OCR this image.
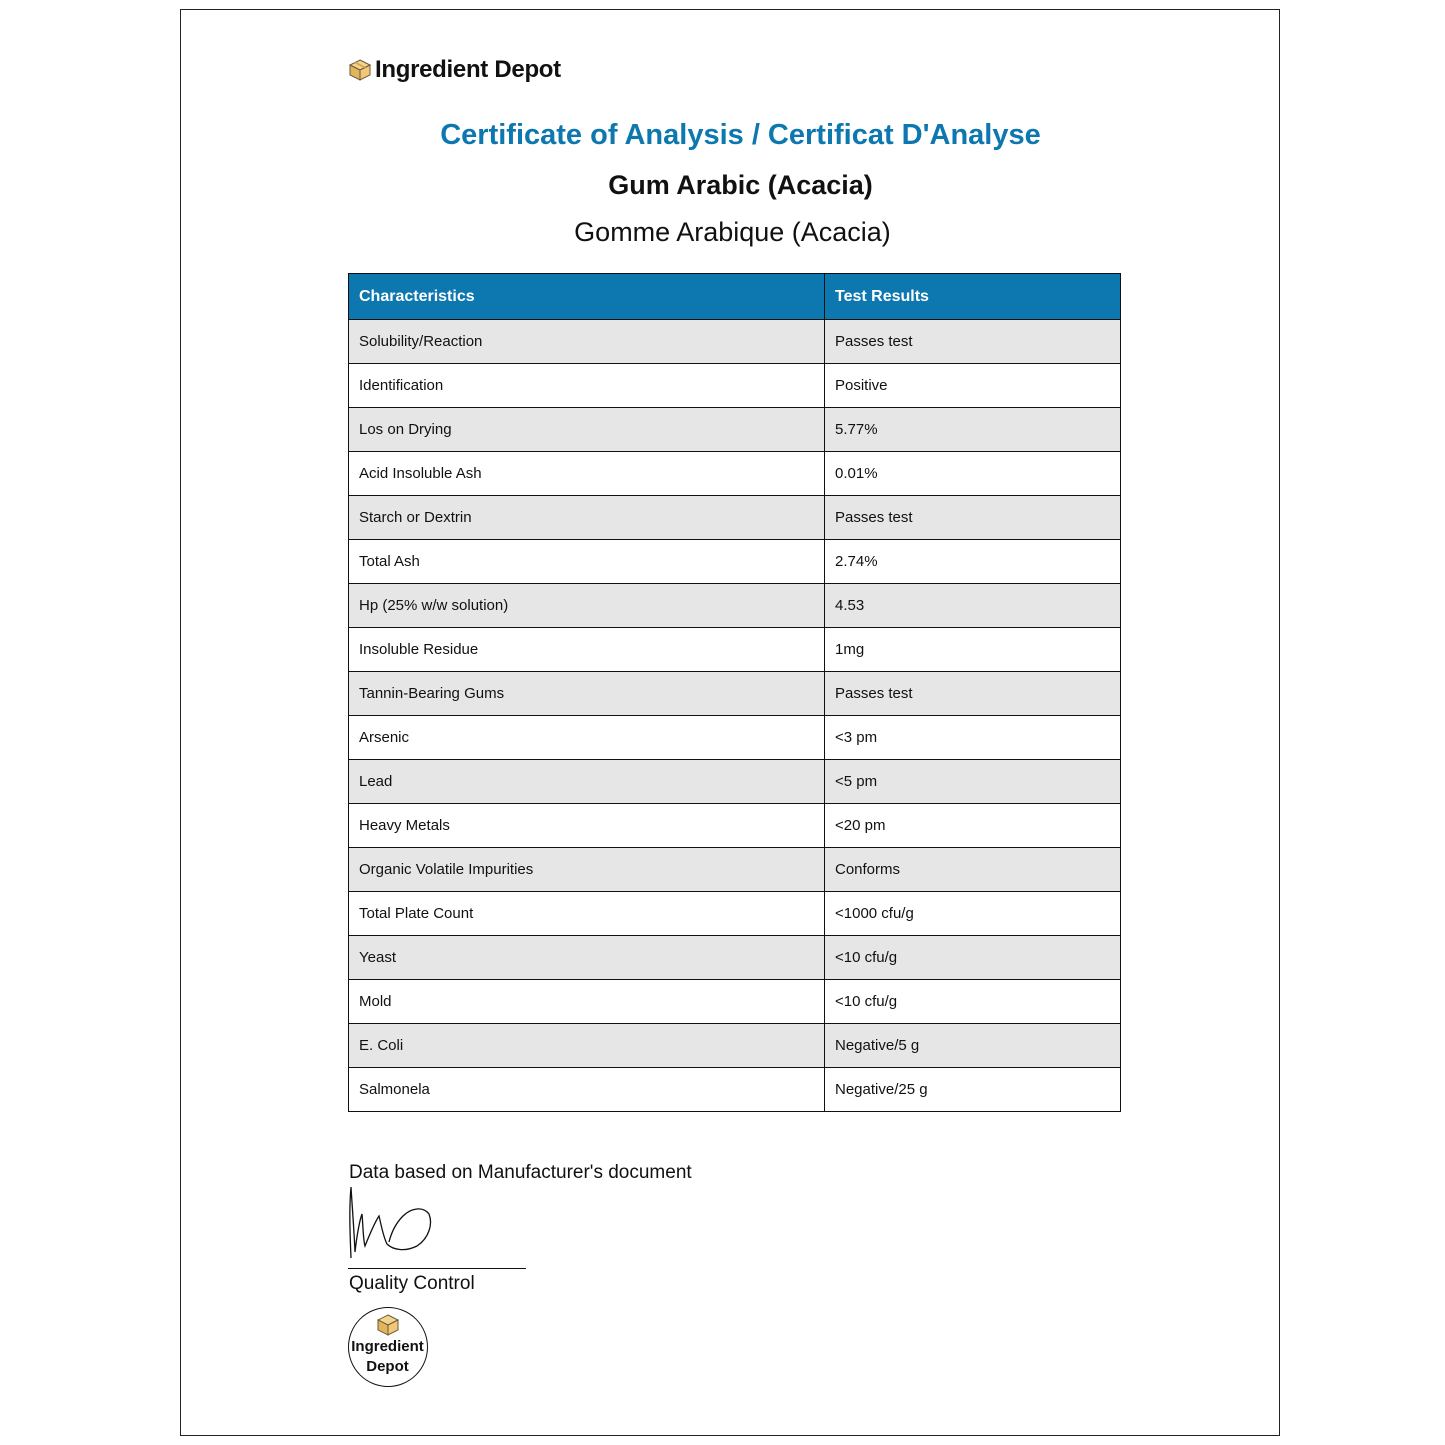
Ingredient Depot
Certificate of Analysis / Certificat D'Analyse
Gum Arabic (Acacia)
Gomme Arabique (Acacia)
Characteristics	Test Results
Solubility/Reaction	Passes test
Identification	Positive
Los on Drying	5.77%
Acid Insoluble Ash	0.01%
Starch or Dextrin	Passes test
Total Ash	2.74%
Hp (25% w/w solution)	4.53
Insoluble Residue	1mg
Tannin-Bearing Gums	Passes test
Arsenic	<3 pm
Lead	<5 pm
Heavy Metals	<20 pm
Organic Volatile Impurities	Conforms
Total Plate Count	<1000 cfu/g
Yeast	<10 cfu/g
Mold	<10 cfu/g
E. Coli	Negative/5 g
Salmonela	Negative/25 g
Data based on Manufacturer's document
Quality Control
Ingredient
Depot
